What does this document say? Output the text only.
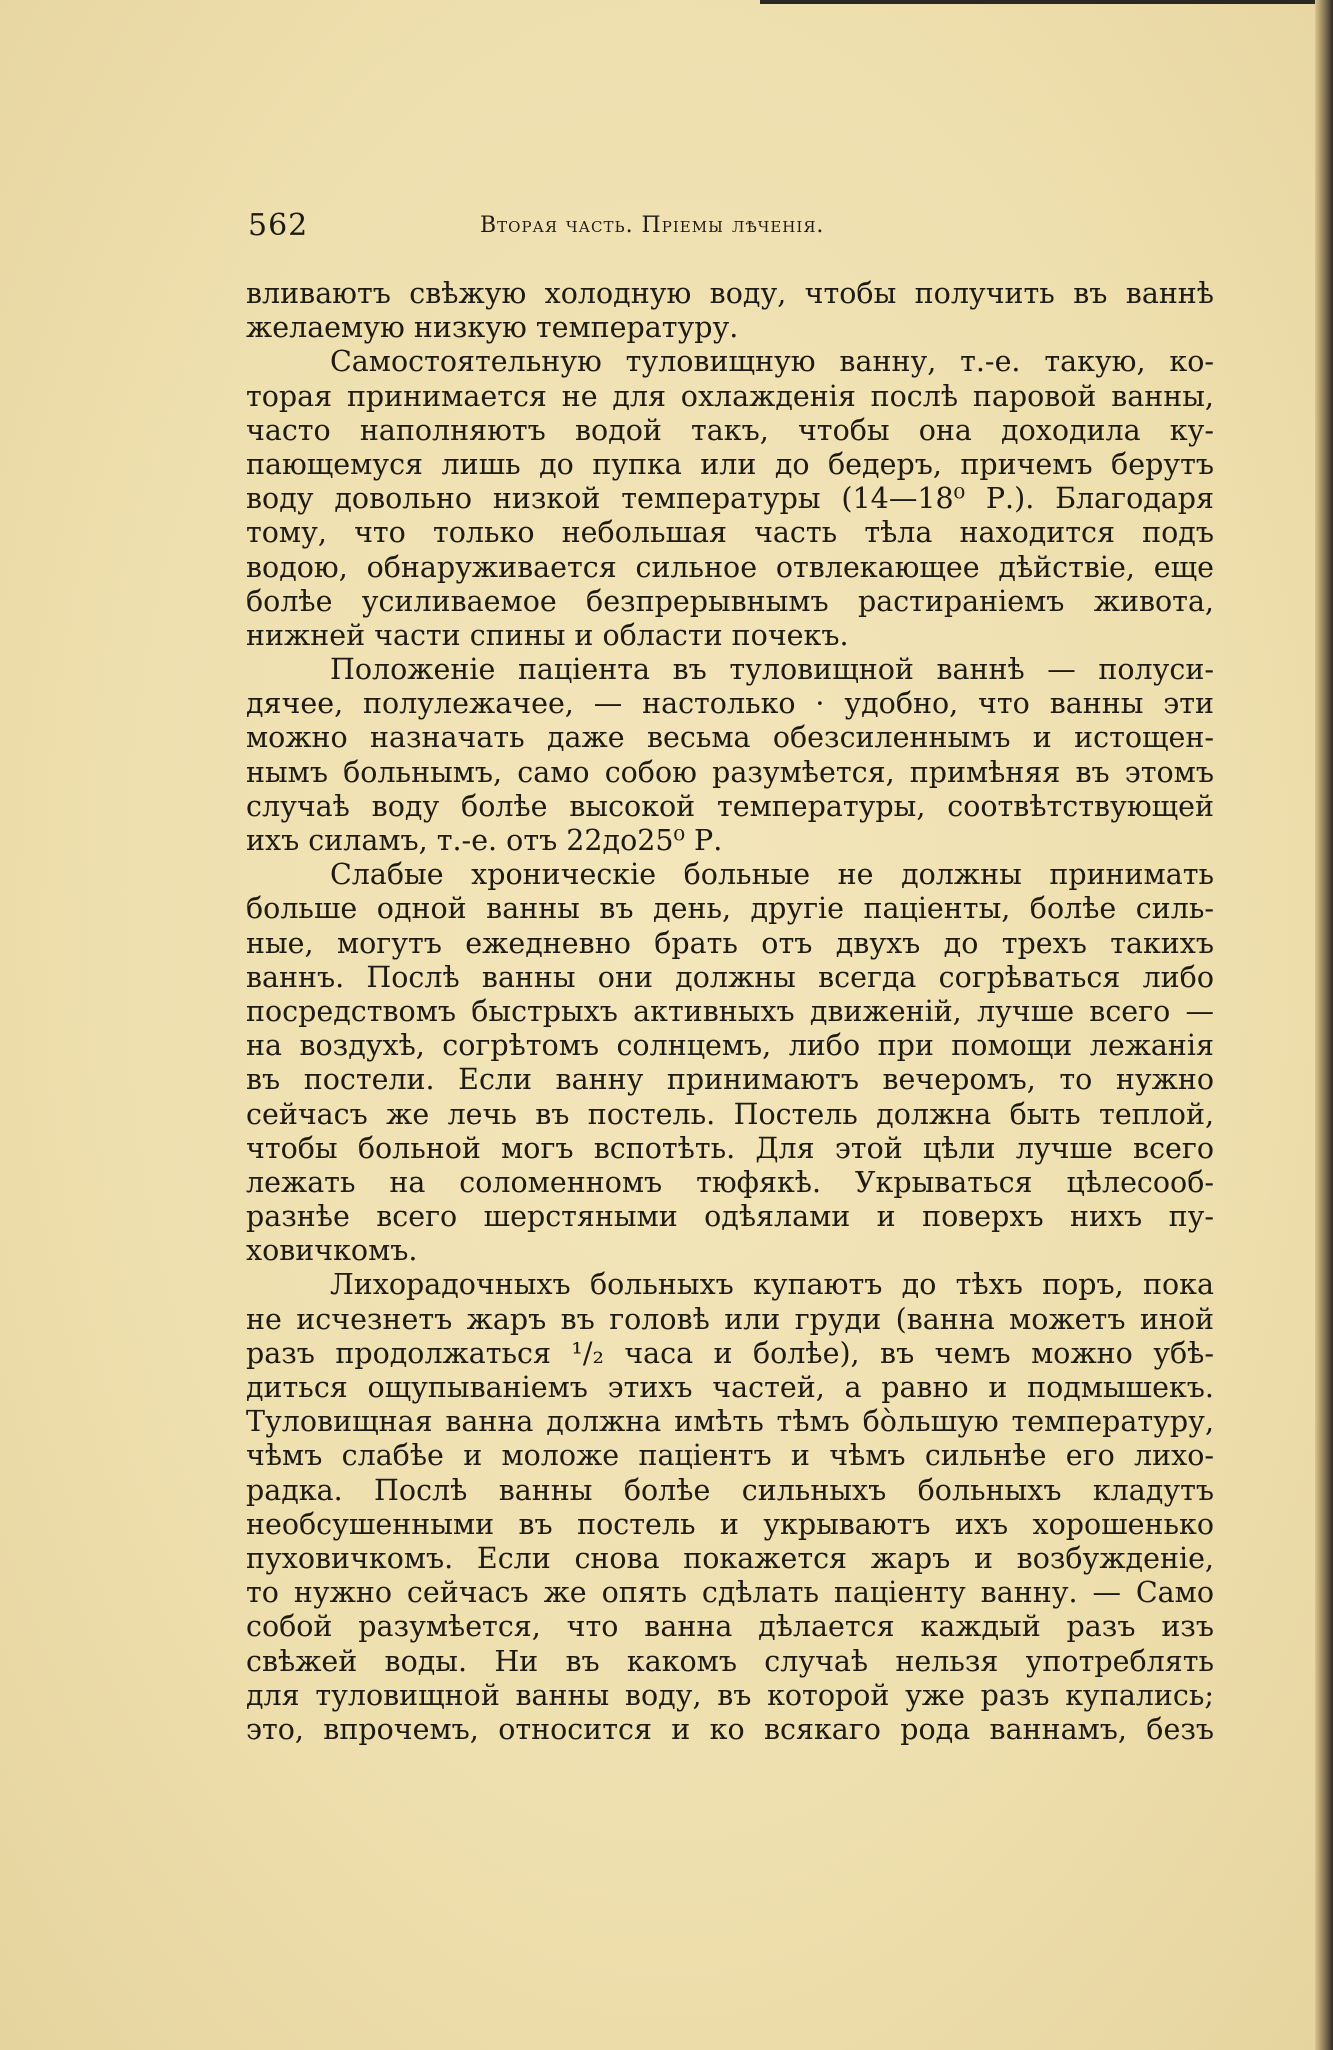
562	Вторая часть. Пріемы лѣченія.
вливаютъ свѣжую холодную воду, чтобы получить въ ваннѣ
желаемую низкую температуру.
Самостоятельную туловищную ванну, т.-е. такую, ко-
торая принимается не для охлажденія послѣ паровой ванны,
часто наполняютъ водой такъ, чтобы она доходила ку-
пающемуся лишь до пупка или до бедеръ, причемъ берутъ
воду довольно низкой температуры (14—18⁰ Р.). Благодаря
тому, что только небольшая часть тѣла находится подъ
водою, обнаруживается сильное отвлекающее дѣйствіе, еще
болѣе усиливаемое безпрерывнымъ растираніемъ живота,
нижней части спины и области почекъ.
Положеніе паціента въ туловищной ваннѣ — полуси-
дячее, полулежачее, — настолько · удобно, что ванны эти
можно назначать даже весьма обезсиленнымъ и истощен-
нымъ больнымъ, само собою разумѣется, примѣняя въ этомъ
случаѣ воду болѣе высокой температуры, соотвѣтствующей
ихъ силамъ, т.-е. отъ 22до25⁰ Р.
Слабые хроническіе больные не должны принимать
больше одной ванны въ день, другіе паціенты, болѣе силь-
ные, могутъ ежедневно брать отъ двухъ до трехъ такихъ
ваннъ. Послѣ ванны они должны всегда согрѣваться либо
посредствомъ быстрыхъ активныхъ движеній, лучше всего —
на воздухѣ, согрѣтомъ солнцемъ, либо при помощи лежанія
въ постели. Если ванну принимаютъ вечеромъ, то нужно
сейчасъ же лечь въ постель. Постель должна быть теплой,
чтобы больной могъ вспотѣть. Для этой цѣли лучше всего
лежать на соломенномъ тюфякѣ. Укрываться цѣлесооб-
разнѣе всего шерстяными одѣялами и поверхъ нихъ пу-
ховичкомъ.
Лихорадочныхъ больныхъ купаютъ до тѣхъ поръ, пока
не исчезнетъ жаръ въ головѣ или груди (ванна можетъ иной
разъ продолжаться ¹/₂ часа и болѣе), въ чемъ можно убѣ-
диться ощупываніемъ этихъ частей, а равно и подмышекъ.
Туловищная ванна должна имѣть тѣмъ бо̀льшую температуру,
чѣмъ слабѣе и моложе паціентъ и чѣмъ сильнѣе его лихо-
радка. Послѣ ванны болѣе сильныхъ больныхъ кладутъ
необсушенными въ постель и укрываютъ ихъ хорошенько
пуховичкомъ. Если снова покажется жаръ и возбужденіе,
то нужно сейчасъ же опять сдѣлать паціенту ванну. — Само
собой разумѣется, что ванна дѣлается каждый разъ изъ
свѣжей воды. Ни въ какомъ случаѣ нельзя употреблять
для туловищной ванны воду, въ которой уже разъ купались;
это, впрочемъ, относится и ко всякаго рода ваннамъ, безъ
